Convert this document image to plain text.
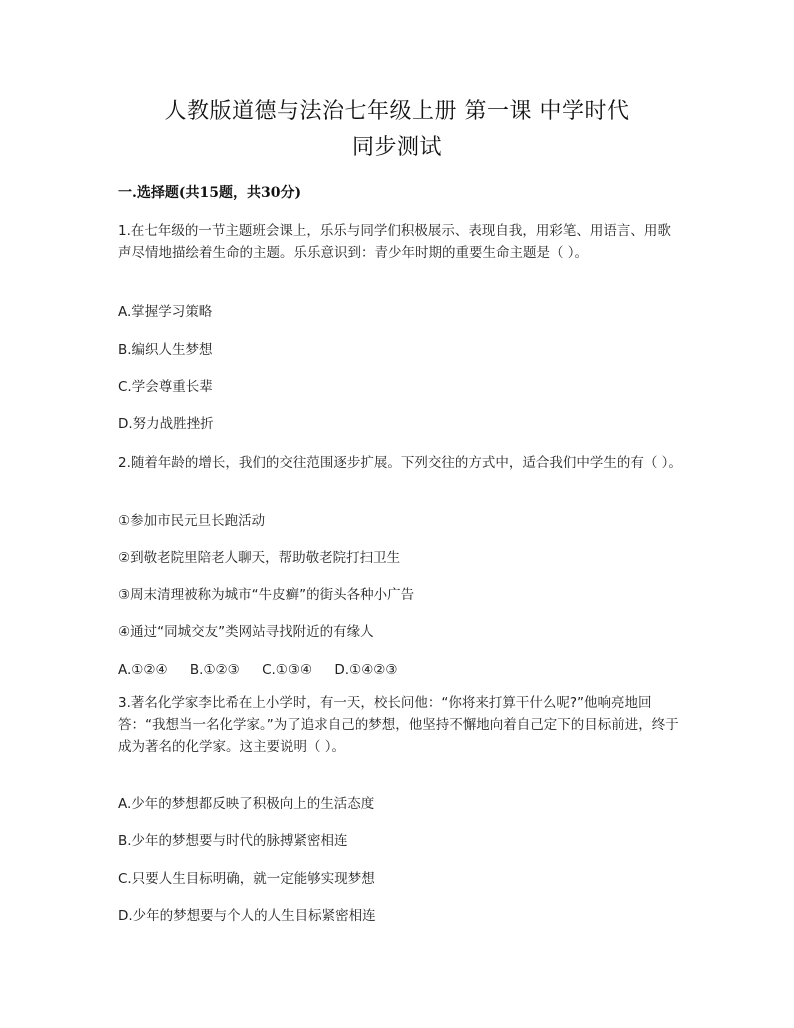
人教版道德与法治七年级上册 第一课 中学时代
同步测试
一.选择题(共15题，共30分)
1.在七年级的一节主题班会课上，乐乐与同学们积极展示、表现自我，用彩笔、用语言、用歌声尽情地描绘着生命的主题。乐乐意识到：青少年时期的重要生命主题是（ ）。
A.掌握学习策略
B.编织人生梦想
C.学会尊重长辈
D.努力战胜挫折
2.随着年龄的增长，我们的交往范围逐步扩展。下列交往的方式中，适合我们中学生的有（ ）。
①参加市民元旦长跑活动
②到敬老院里陪老人聊天，帮助敬老院打扫卫生
③周末清理被称为城市“牛皮癣”的街头各种小广告
④通过“同城交友”类网站寻找附近的有缘人
A.①②④ B.①②③ C.①③④ D.①④②③
3.著名化学家李比希在上小学时，有一天，校长问他：“你将来打算干什么呢?”他响亮地回答：“我想当一名化学家。”为了追求自己的梦想，他坚持不懈地向着自己定下的目标前进，终于成为著名的化学家。这主要说明（ ）。
A.少年的梦想都反映了积极向上的生活态度
B.少年的梦想要与时代的脉搏紧密相连
C.只要人生目标明确，就一定能够实现梦想
D.少年的梦想要与个人的人生目标紧密相连
